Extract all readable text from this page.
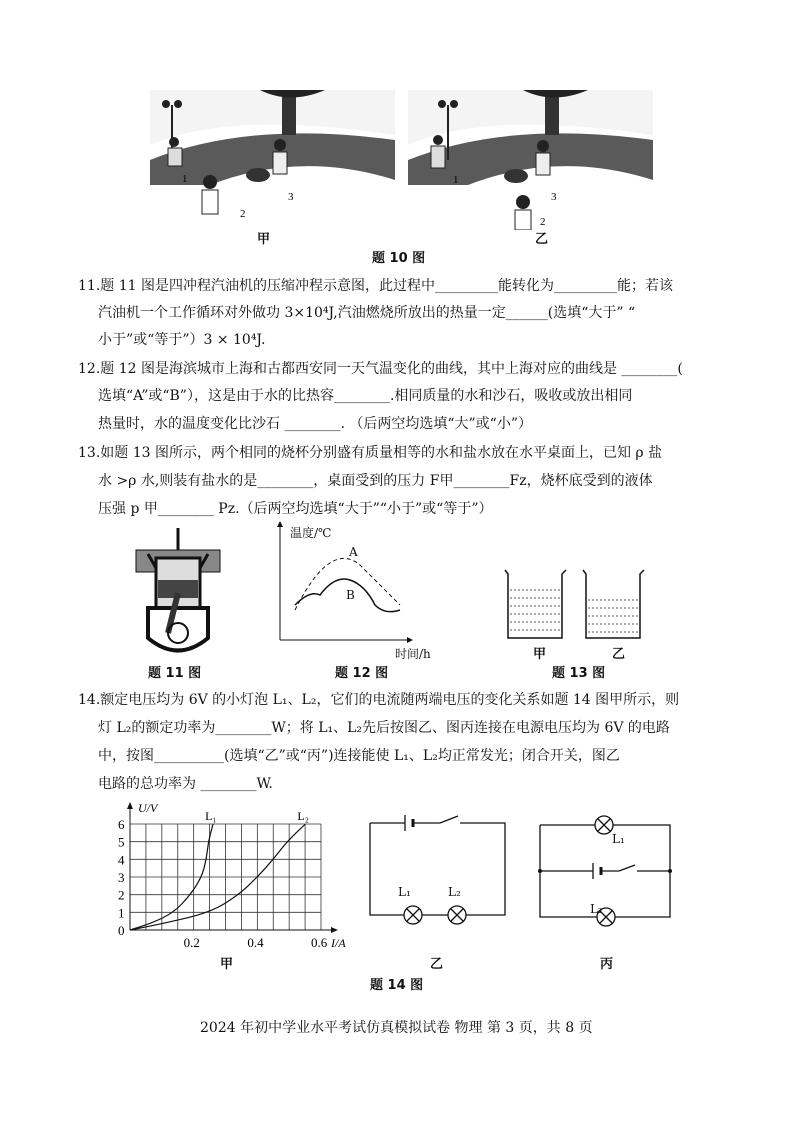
1
2
3
1
2
3
甲	乙
题 10 图
11.题 11 图是四冲程汽油机的压缩冲程示意图，此过程中_________能转化为_________能；若该
汽油机一个工作循环对外做功 3×10⁴J,汽油燃烧所放出的热量一定______(选填“大于” “
小于”或“等于”）3 × 10⁴J.
12.题 12 图是海滨城市上海和古都西安同一天气温变化的曲线，其中上海对应的曲线是 ________(
选填“A”或“B”），这是由于水的比热容________.相同质量的水和沙石，吸收或放出相同
热量时，水的温度变化比沙石 ________. （后两空均选填“大”或“小”）
13.如题 13 图所示，两个相同的烧杯分别盛有质量相等的水和盐水放在水平桌面上，已知 ρ 盐
水 >ρ 水,则装有盐水的是________，桌面受到的压力 F甲________Fz，烧杯底受到的液体
压强 p 甲________ Pz.（后两空均选填“大于”“小于”或“等于”）
题 11 图
温度/℃
A
B
时间/h
题 12 图
甲	乙
题 13 图
14.额定电压均为 6V 的小灯泡 L₁、L₂，它们的电流随两端电压的变化关系如题 14 图甲所示，则
灯 L₂的额定功率为________W；将 L₁、L₂先后按图乙、图丙连接在电源电压均为 6V 的电路
中，按图__________(选填“乙”或“丙”)连接能使 L₁、L₂均正常发光；闭合开关，图乙
电路的总功率为 ________W.
0
1
2
3
4
5
6
0.2	0.4	0.6
U/V
I/A
L₁	L₂
甲
L₁	L₂
乙
L₁
L₂
丙
题 14 图
2024 年初中学业水平考试仿真模拟试卷 物理 第 3 页，共 8 页
